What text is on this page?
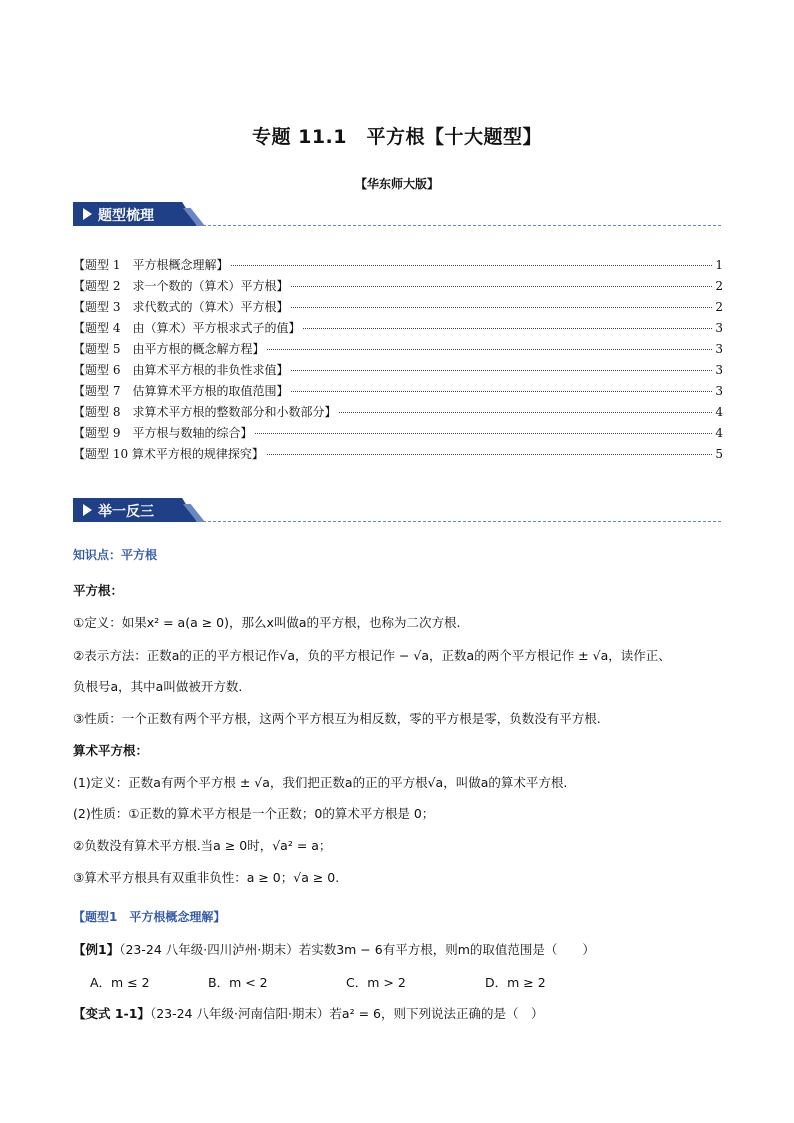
专题 11.1　平方根【十大题型】
【华东师大版】
题型梳理
【题型 1　平方根概念理解】	1
【题型 2　求一个数的（算术）平方根】	2
【题型 3　求代数式的（算术）平方根】	2
【题型 4　由（算术）平方根求式子的值】	3
【题型 5　由平方根的概念解方程】	3
【题型 6　由算术平方根的非负性求值】	3
【题型 7　估算算术平方根的取值范围】	3
【题型 8　求算术平方根的整数部分和小数部分】	4
【题型 9　平方根与数轴的综合】	4
【题型 10 算术平方根的规律探究】	5
举一反三
知识点：平方根
平方根：
①定义：如果x² = a(a ≥ 0)，那么x叫做a的平方根，也称为二次方根.
②表示方法：正数a的正的平方根记作√a，负的平方根记作 − √a，正数a的两个平方根记作 ± √a，读作正、
负根号a，其中a叫做被开方数.
③性质：一个正数有两个平方根，这两个平方根互为相反数，零的平方根是零，负数没有平方根.
算术平方根：
(1)定义：正数a有两个平方根 ± √a，我们把正数a的正的平方根√a，叫做a的算术平方根.
(2)性质：①正数的算术平方根是一个正数；0的算术平方根是 0；
②负数没有算术平方根.当a ≥ 0时，√a² = a；
③算术平方根具有双重非负性：a ≥ 0；√a ≥ 0.
【题型1　平方根概念理解】
【例1】（23-24 八年级·四川泸州·期末）若实数3m − 6有平方根，则m的取值范围是（　　）
A．m ≤ 2	B．m < 2	C．m > 2	D．m ≥ 2
【变式 1-1】（23-24 八年级·河南信阳·期末）若a² = 6，则下列说法正确的是（　）
